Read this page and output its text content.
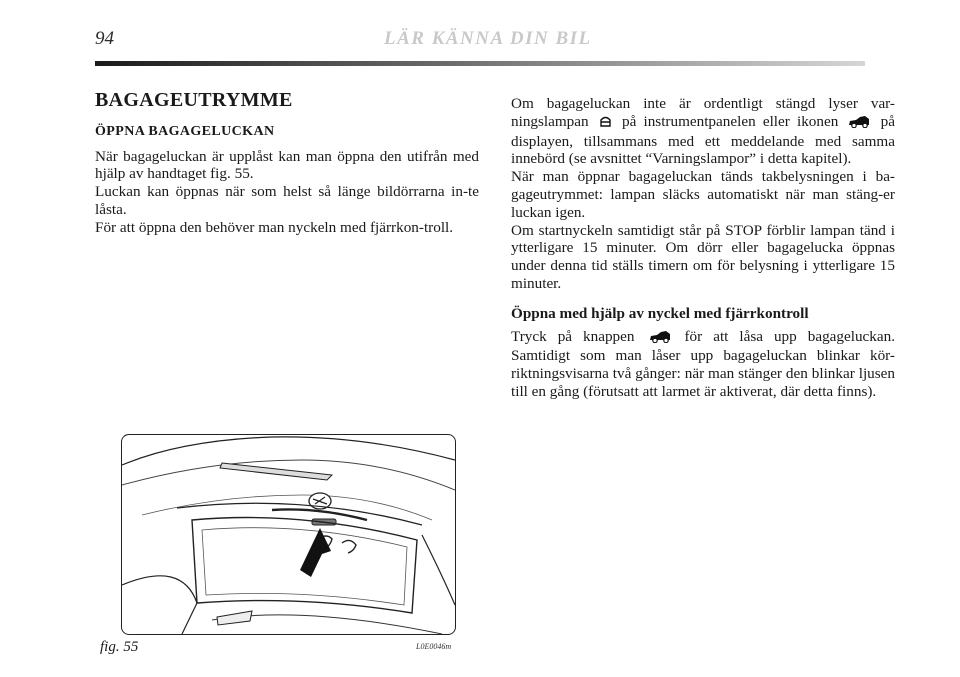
94	LÄR KÄNNA DIN BIL
BAGAGEUTRYMME
ÖPPNA BAGAGELUCKAN

När bagageluckan är upplåst kan man öppna den utifrån med hjälp av handtaget fig. 55.

Luckan kan öppnas när som helst så länge bildörrarna in-te låsta.

För att öppna den behöver man nyckeln med fjärrkon-troll.

Om bagageluckan inte är ordentligt stängd lyser var-ningslampan på instrumentpanelen eller ikonen	på displayen, tillsammans med ett meddelande med samma innebörd (se avsnittet “Varningslampor” i detta kapitel).

När man öppnar bagageluckan tänds takbelysningen i ba-gageutrymmet: lampan släcks automatiskt när man stäng-er luckan igen.

Om startnyckeln samtidigt står på STOP förblir lampan tänd i ytterligare 15 minuter. Om dörr eller bagagelucka öppnas under denna tid ställs timern om för belysning i ytterligare 15 minuter.

Öppna med hjälp av nyckel med fjärrkontroll

Tryck på knappen	för att låsa upp bagageluckan. Samtidigt som man låser upp bagageluckan blinkar kör-riktningsvisarna två gånger: när man stänger den blinkar ljusen till en gång (förutsatt att larmet är aktiverat, där detta finns).

fig. 55	L0E0046m
